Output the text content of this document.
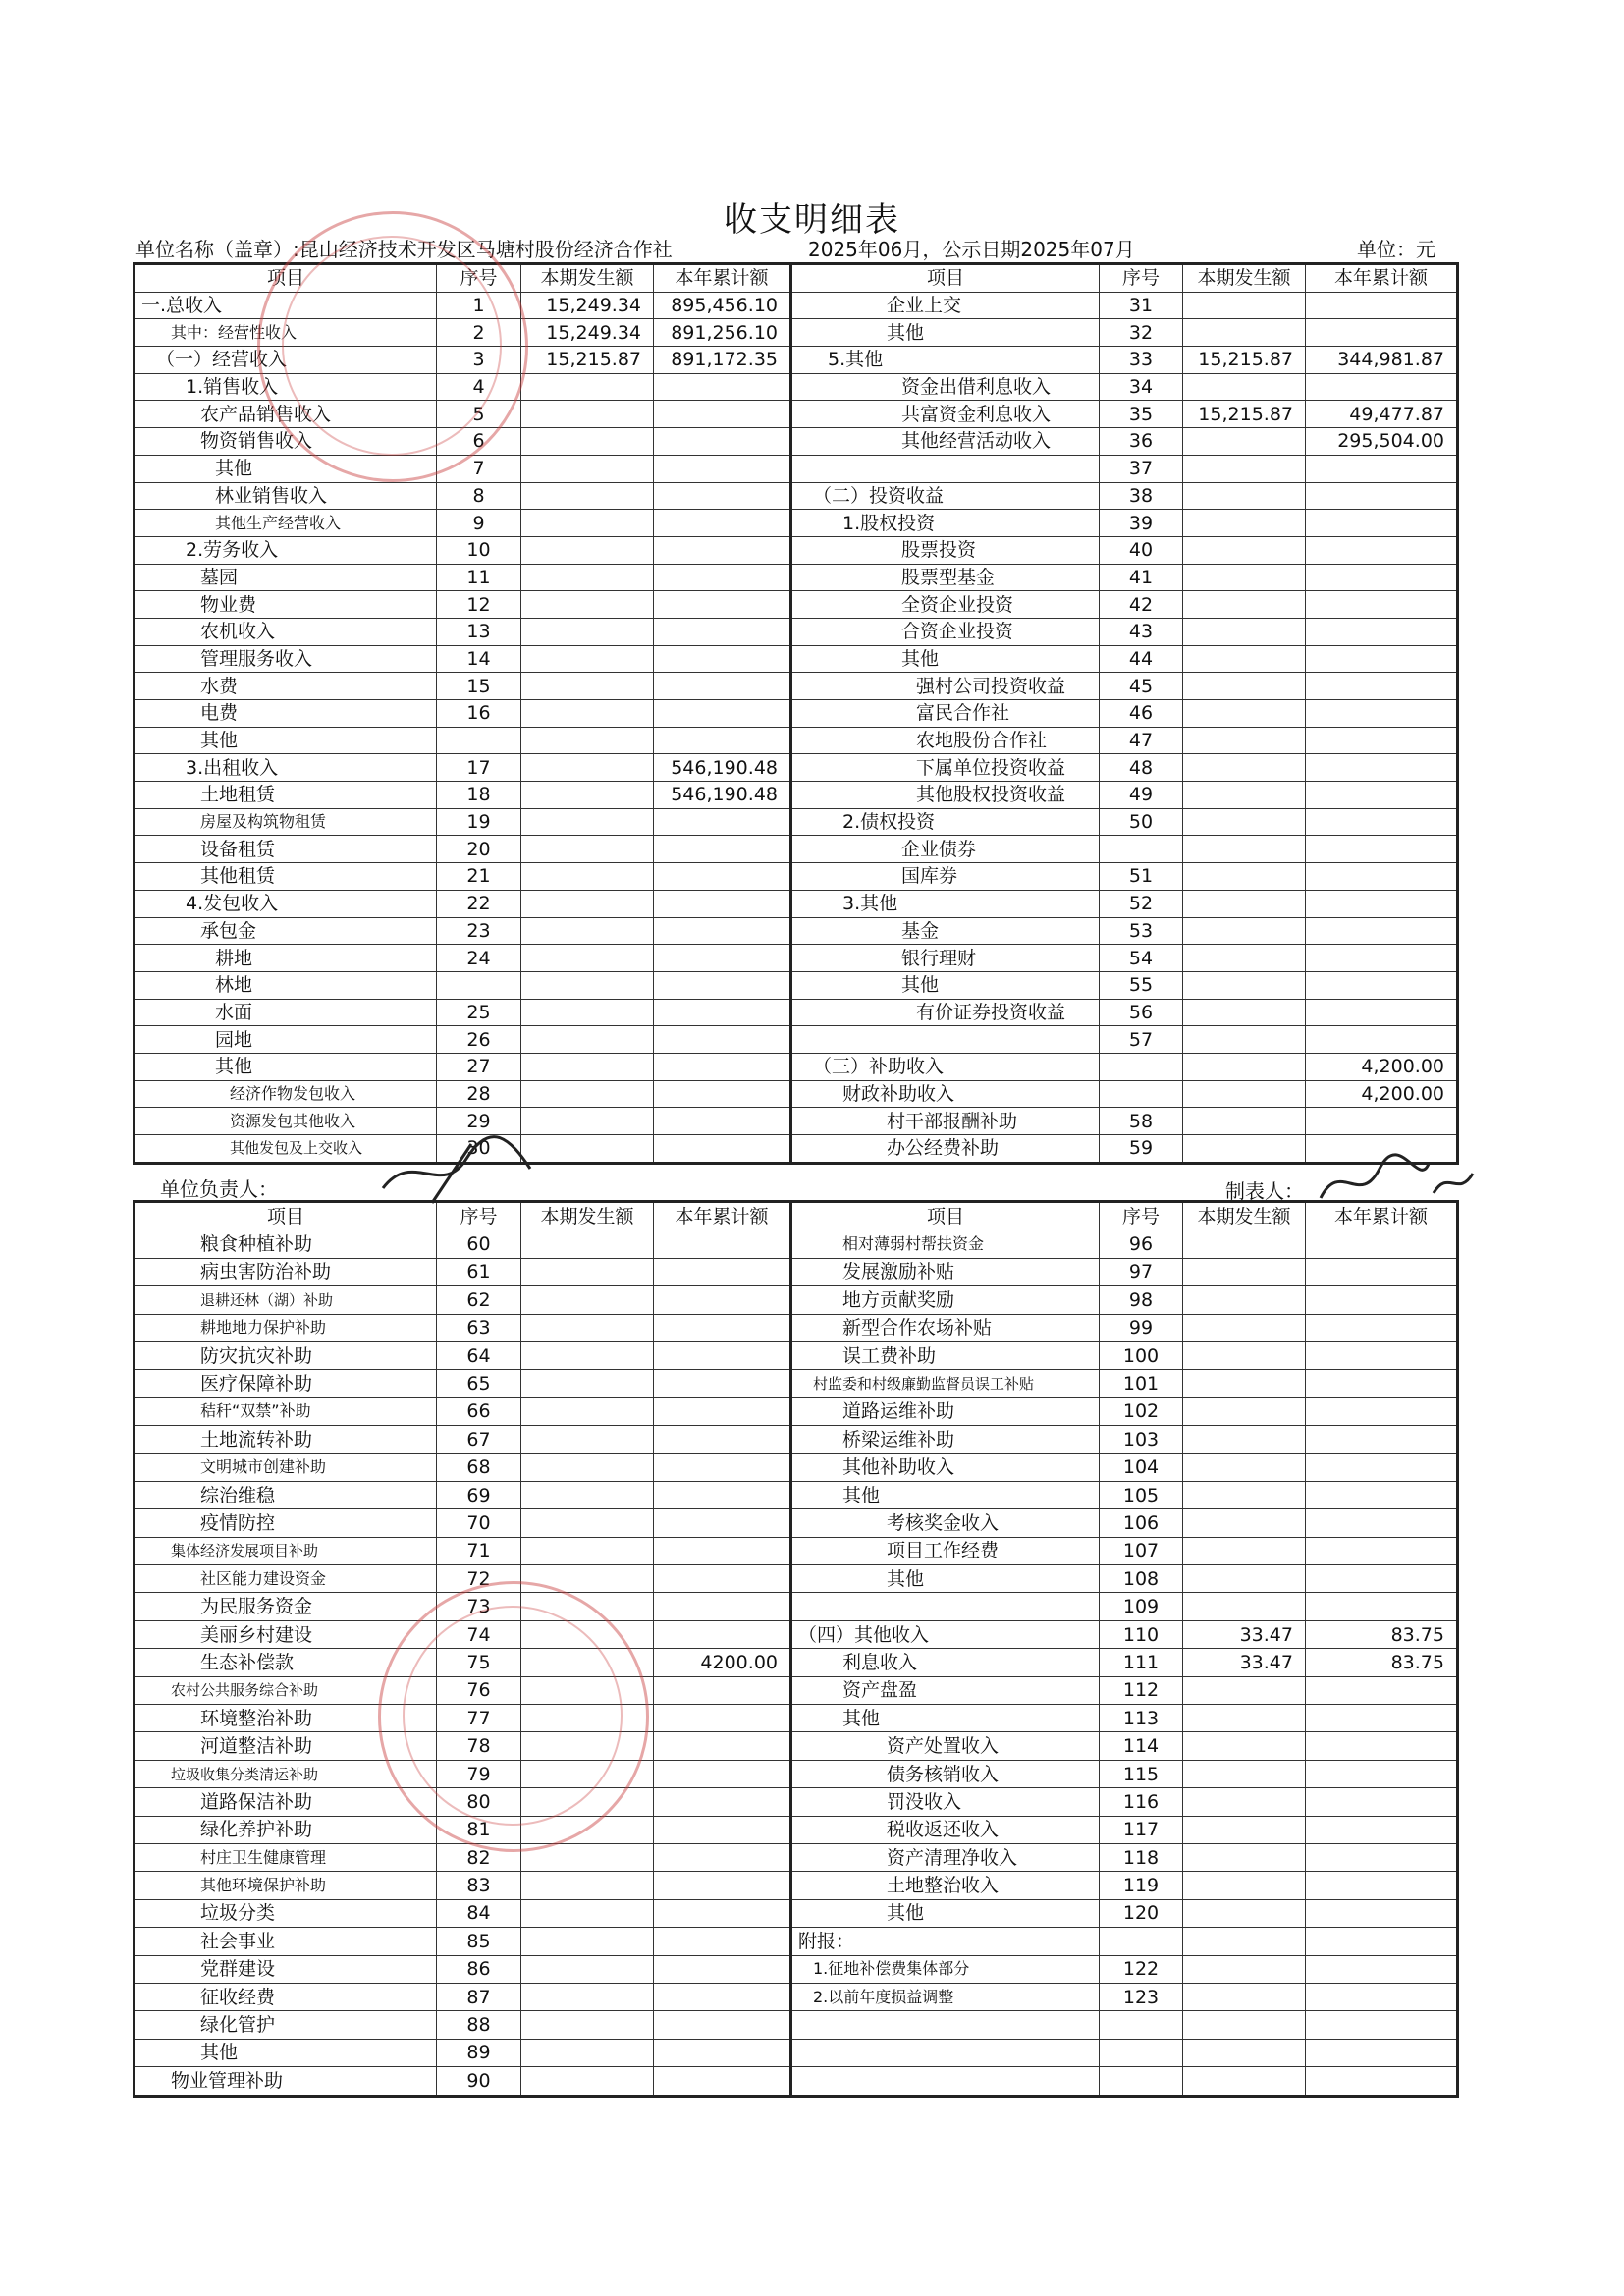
收支明细表
单位名称（盖章）:昆山经济技术开发区马塘村股份经济合作社	2025年06月，公示日期2025年07月	单位：元
项目	序号	本期发生额	本年累计额	项目	序号	本期发生额	本年累计额
一.总收入	1	15,249.34	895,456.10	企业上交	31		
其中：经营性收入	2	15,249.34	891,256.10	其他	32		
（一）经营收入	3	15,215.87	891,172.35	5.其他	33	15,215.87	344,981.87
1.销售收入	4			资金出借利息收入	34		
农产品销售收入	5			共富资金利息收入	35	15,215.87	49,477.87
物资销售收入	6			其他经营活动收入	36		295,504.00
其他	7				37		
林业销售收入	8			（二）投资收益	38		
其他生产经营收入	9			1.股权投资	39		
2.劳务收入	10			股票投资	40		
墓园	11			股票型基金	41		
物业费	12			全资企业投资	42		
农机收入	13			合资企业投资	43		
管理服务收入	14			其他	44		
水费	15			强村公司投资收益	45		
电费	16			富民合作社	46		
其他				农地股份合作社	47		
3.出租收入	17		546,190.48	下属单位投资收益	48		
土地租赁	18		546,190.48	其他股权投资收益	49		
房屋及构筑物租赁	19			2.债权投资	50		
设备租赁	20			企业债券			
其他租赁	21			国库券	51		
4.发包收入	22			3.其他	52		
承包金	23			基金	53		
耕地	24			银行理财	54		
林地				其他	55		
水面	25			有价证券投资收益	56		
园地	26				57		
其他	27			（三）补助收入			4,200.00
经济作物发包收入	28			财政补助收入			4,200.00
资源发包其他收入	29			村干部报酬补助	58		
其他发包及上交收入	30			办公经费补助	59		
单位负责人：	制表人：
项目	序号	本期发生额	本年累计额	项目	序号	本期发生额	本年累计额
粮食种植补助	60			相对薄弱村帮扶资金	96		
病虫害防治补助	61			发展激励补贴	97		
退耕还林（湖）补助	62			地方贡献奖励	98		
耕地地力保护补助	63			新型合作农场补贴	99		
防灾抗灾补助	64			误工费补助	100		
医疗保障补助	65			村监委和村级廉勤监督员误工补贴	101		
秸秆“双禁”补助	66			道路运维补助	102		
土地流转补助	67			桥梁运维补助	103		
文明城市创建补助	68			其他补助收入	104		
综治维稳	69			其他	105		
疫情防控	70			考核奖金收入	106		
集体经济发展项目补助	71			项目工作经费	107		
社区能力建设资金	72			其他	108		
为民服务资金	73				109		
美丽乡村建设	74			（四）其他收入	110	33.47	83.75
生态补偿款	75		4200.00	利息收入	111	33.47	83.75
农村公共服务综合补助	76			资产盘盈	112		
环境整治补助	77			其他	113		
河道整洁补助	78			资产处置收入	114		
垃圾收集分类清运补助	79			债务核销收入	115		
道路保洁补助	80			罚没收入	116		
绿化养护补助	81			税收返还收入	117		
村庄卫生健康管理	82			资产清理净收入	118		
其他环境保护补助	83			土地整治收入	119		
垃圾分类	84			其他	120		
社会事业	85			附报：			
党群建设	86			1.征地补偿费集体部分	122		
征收经费	87			2.以前年度损益调整	123		
绿化管护	88						
其他	89						
物业管理补助	90						
